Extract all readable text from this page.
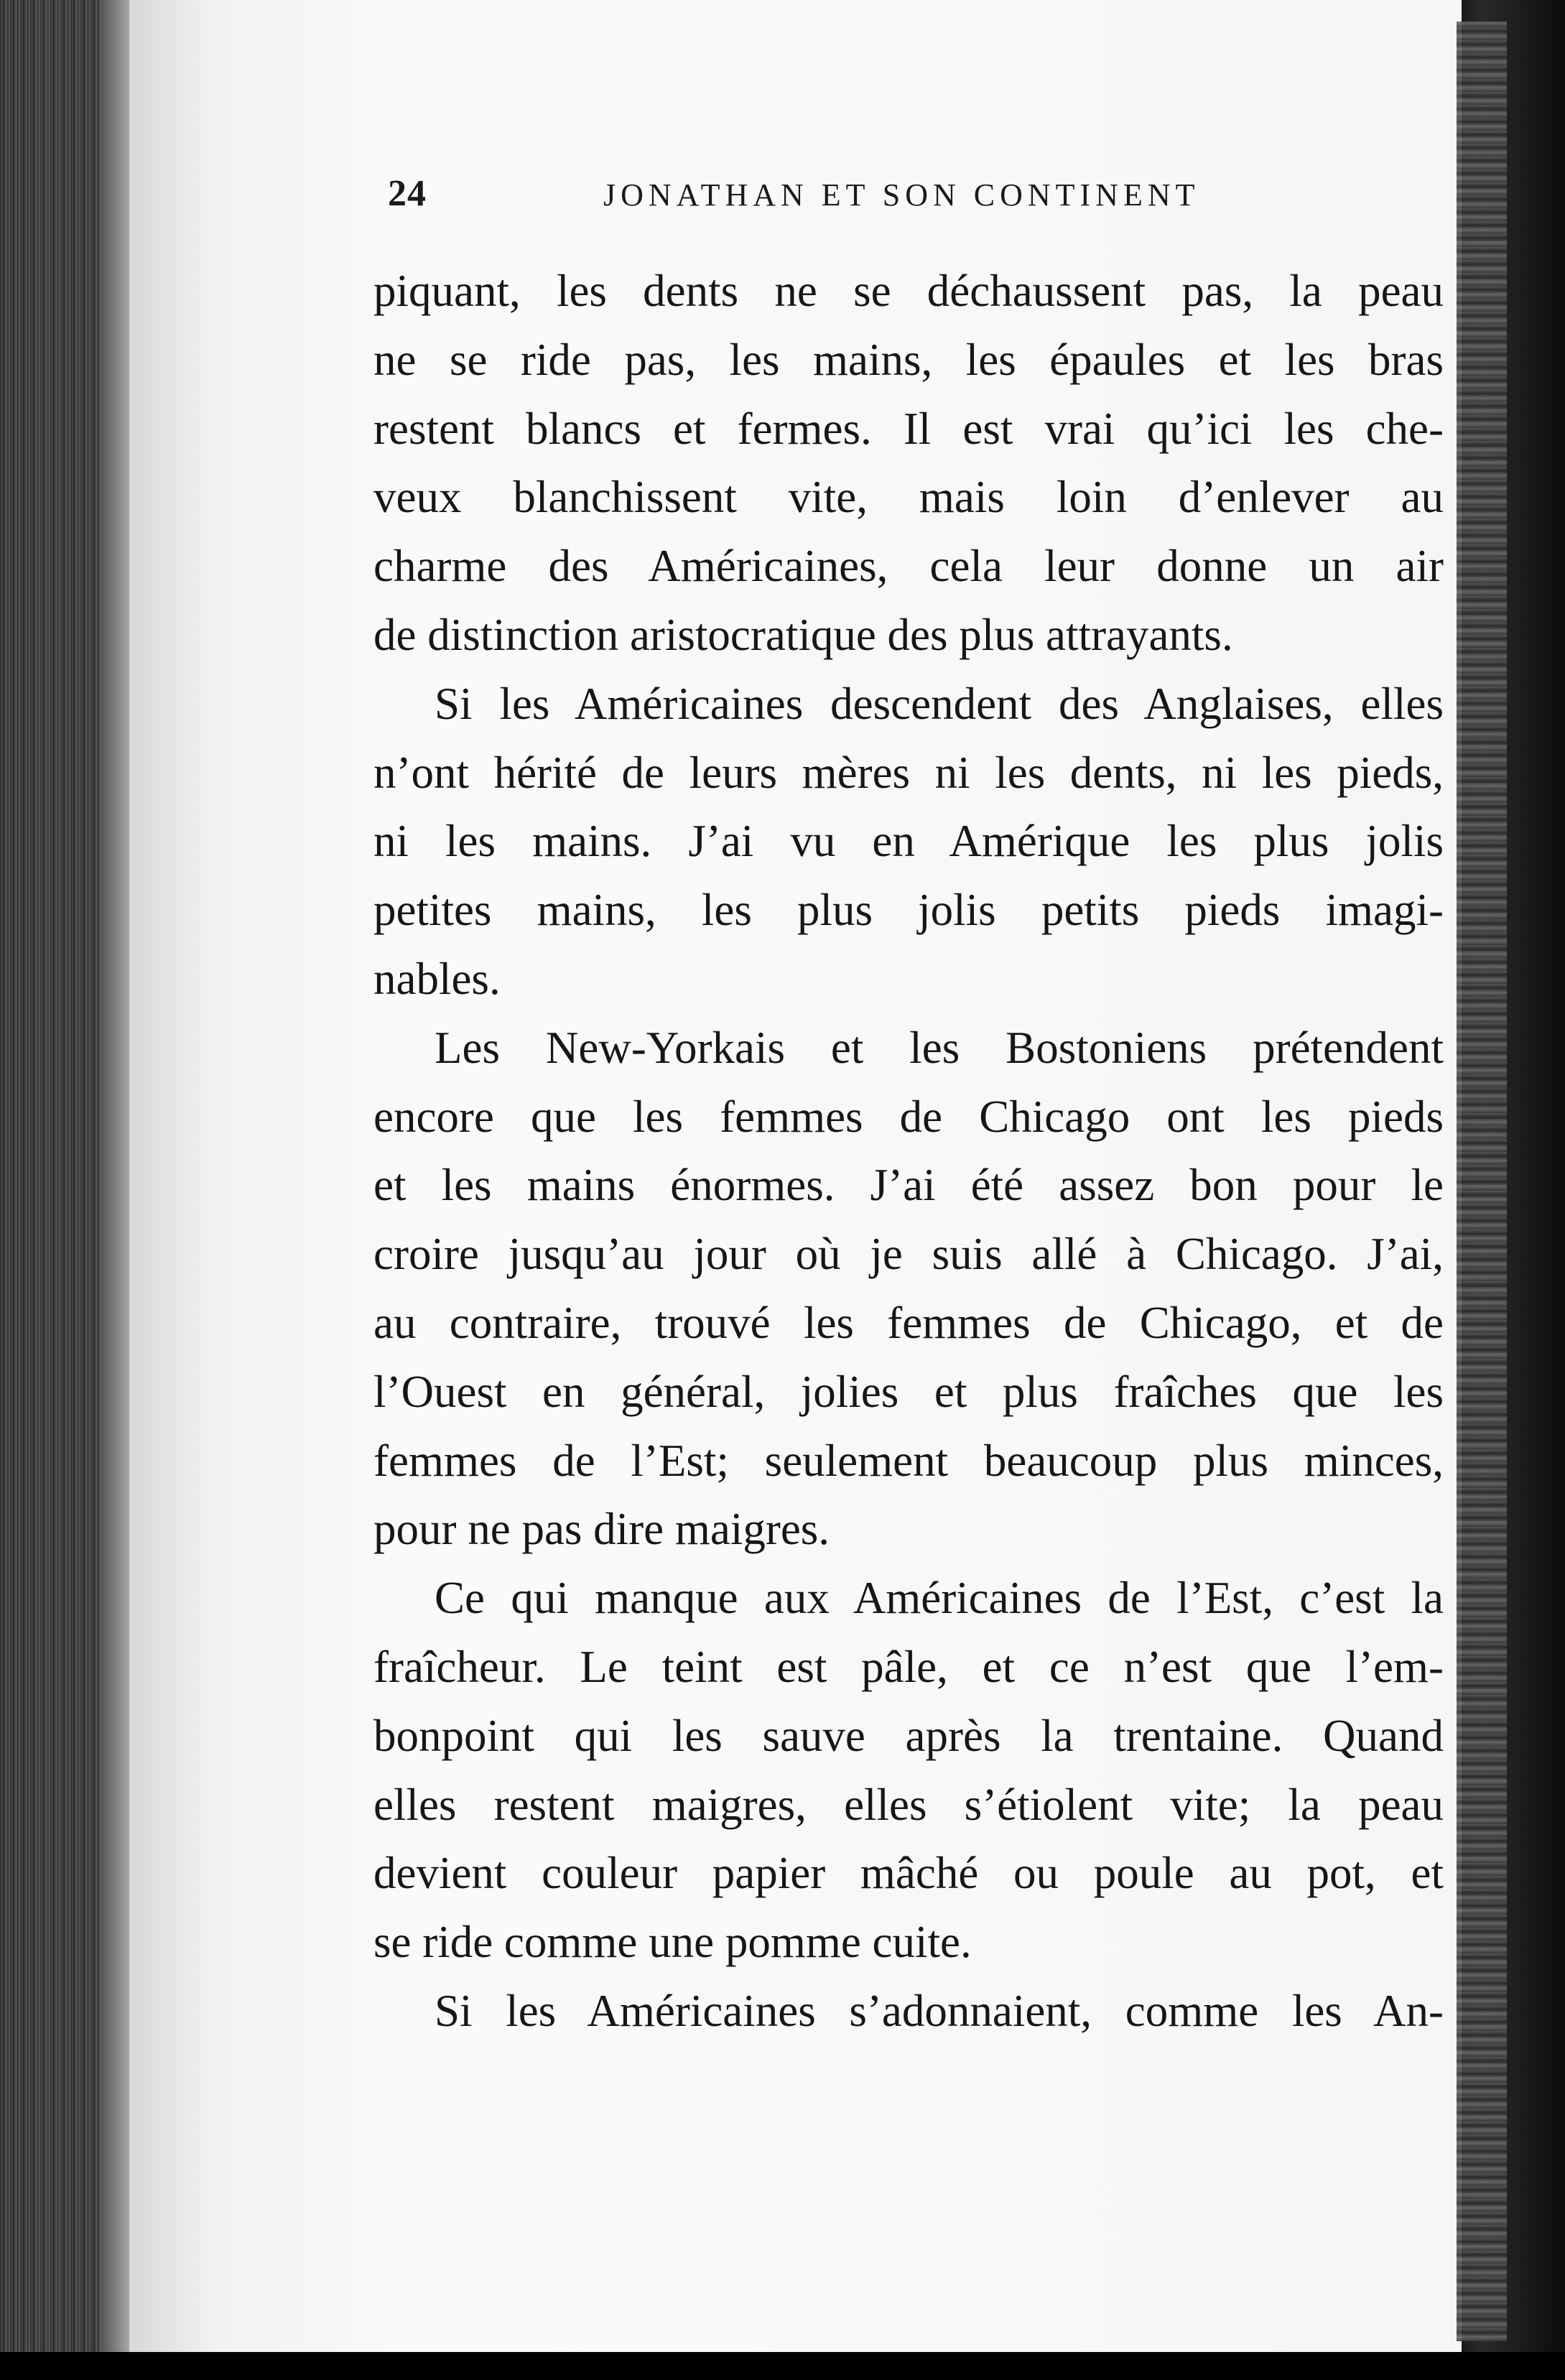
24	JONATHAN ET SON CONTINENT
piquant, les dents ne se déchaussent pas, la peau
ne se ride pas, les mains, les épaules et les bras
restent blancs et fermes. Il est vrai qu’ici les che-
veux blanchissent vite, mais loin d’enlever au
charme des Américaines, cela leur donne un air
de distinction aristocratique des plus attrayants.
Si les Américaines descendent des Anglaises, elles
n’ont hérité de leurs mères ni les dents, ni les pieds,
ni les mains. J’ai vu en Amérique les plus jolis
petites mains, les plus jolis petits pieds imagi-
nables.
Les New-Yorkais et les Bostoniens prétendent
encore que les femmes de Chicago ont les pieds
et les mains énormes. J’ai été assez bon pour le
croire jusqu’au jour où je suis allé à Chicago. J’ai,
au contraire, trouvé les femmes de Chicago, et de
l’Ouest en général, jolies et plus fraîches que les
femmes de l’Est; seulement beaucoup plus minces,
pour ne pas dire maigres.
Ce qui manque aux Américaines de l’Est, c’est la
fraîcheur. Le teint est pâle, et ce n’est que l’em-
bonpoint qui les sauve après la trentaine. Quand
elles restent maigres, elles s’étiolent vite; la peau
devient couleur papier mâché ou poule au pot, et
se ride comme une pomme cuite.
Si les Américaines s’adonnaient, comme les An-
